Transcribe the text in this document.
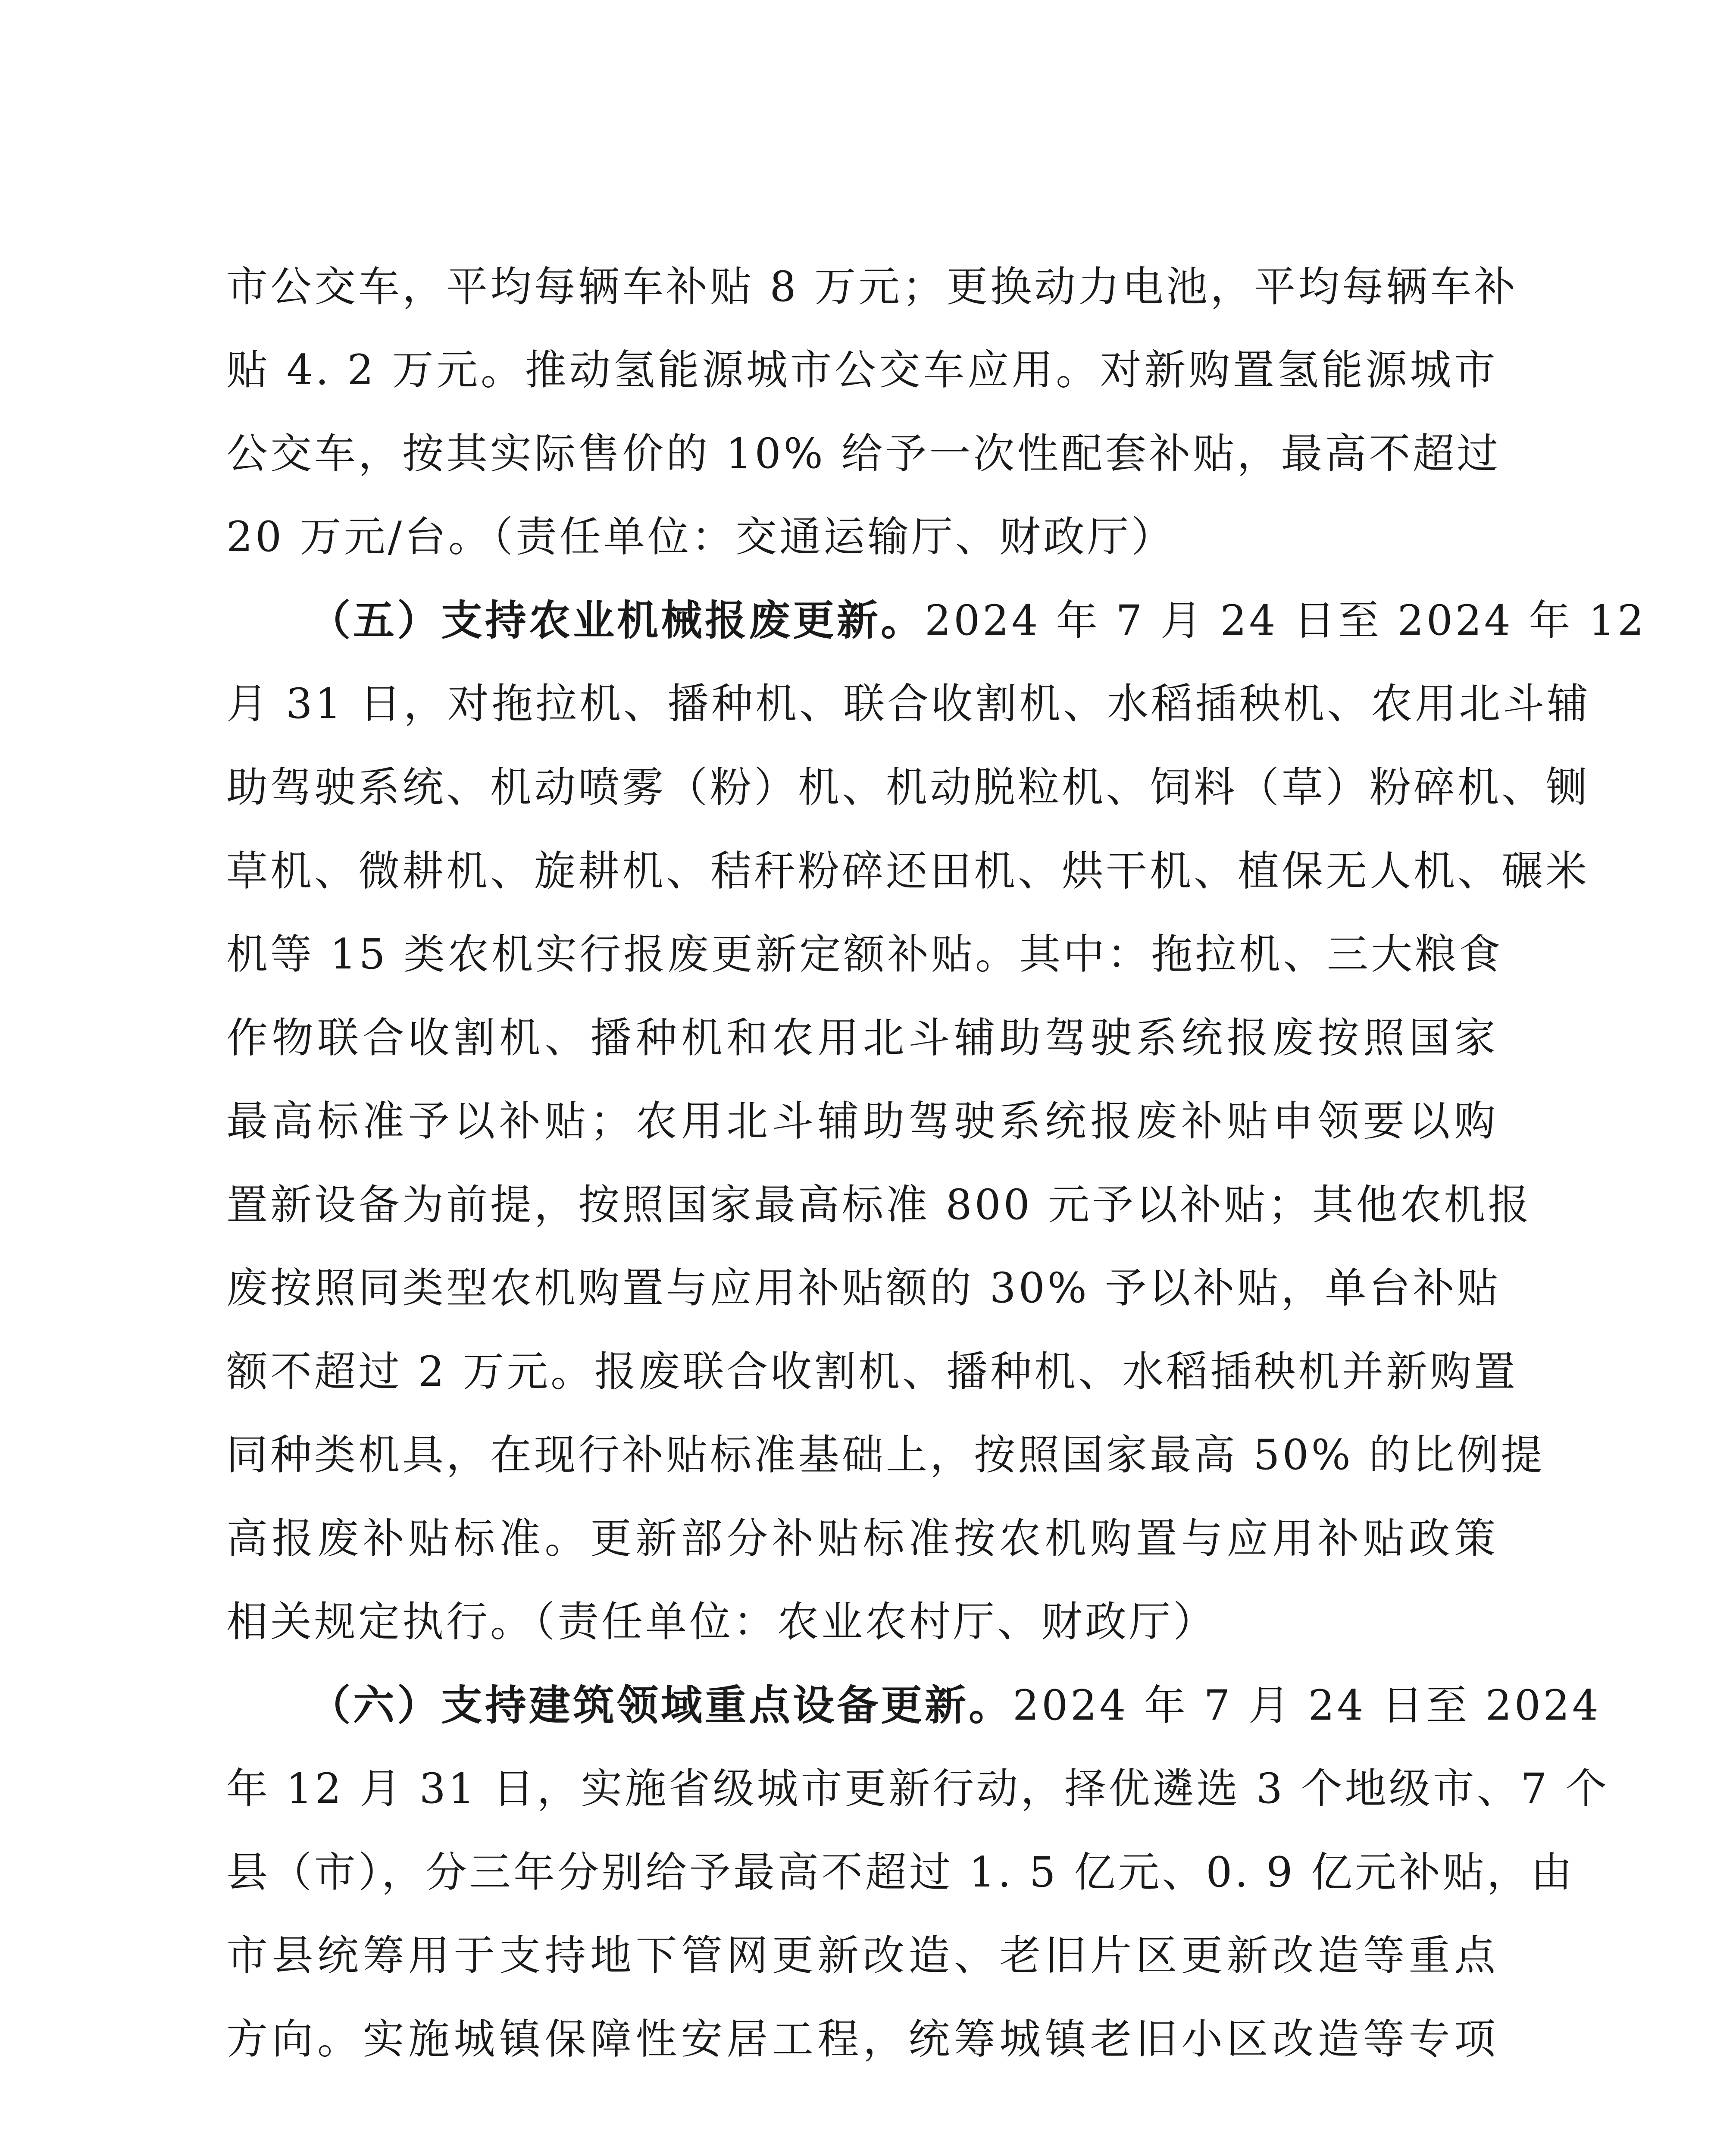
市公交车，平均每辆车补贴 8 万元；更换动力电池，平均每辆车补
贴 4. 2 万元。推动氢能源城市公交车应用。对新购置氢能源城市
公交车，按其实际售价的 10% 给予一次性配套补贴，最高不超过
20 万元/台。（责任单位：交通运输厅、财政厅）
（五）支持农业机械报废更新。2024 年 7 月 24 日至 2024 年 12
月 31 日，对拖拉机、播种机、联合收割机、水稻插秧机、农用北斗辅
助驾驶系统、机动喷雾（粉）机、机动脱粒机、饲料（草）粉碎机、铡
草机、微耕机、旋耕机、秸秆粉碎还田机、烘干机、植保无人机、碾米
机等 15 类农机实行报废更新定额补贴。其中：拖拉机、三大粮食
作物联合收割机、播种机和农用北斗辅助驾驶系统报废按照国家
最高标准予以补贴；农用北斗辅助驾驶系统报废补贴申领要以购
置新设备为前提，按照国家最高标准 800 元予以补贴；其他农机报
废按照同类型农机购置与应用补贴额的 30% 予以补贴，单台补贴
额不超过 2 万元。报废联合收割机、播种机、水稻插秧机并新购置
同种类机具，在现行补贴标准基础上，按照国家最高 50% 的比例提
高报废补贴标准。更新部分补贴标准按农机购置与应用补贴政策
相关规定执行。（责任单位：农业农村厅、财政厅）
（六）支持建筑领域重点设备更新。2024 年 7 月 24 日至 2024
年 12 月 31 日，实施省级城市更新行动，择优遴选 3 个地级市、7 个
县（市），分三年分别给予最高不超过 1. 5 亿元、0. 9 亿元补贴，由
市县统筹用于支持地下管网更新改造、老旧片区更新改造等重点
方向。实施城镇保障性安居工程，统筹城镇老旧小区改造等专项
